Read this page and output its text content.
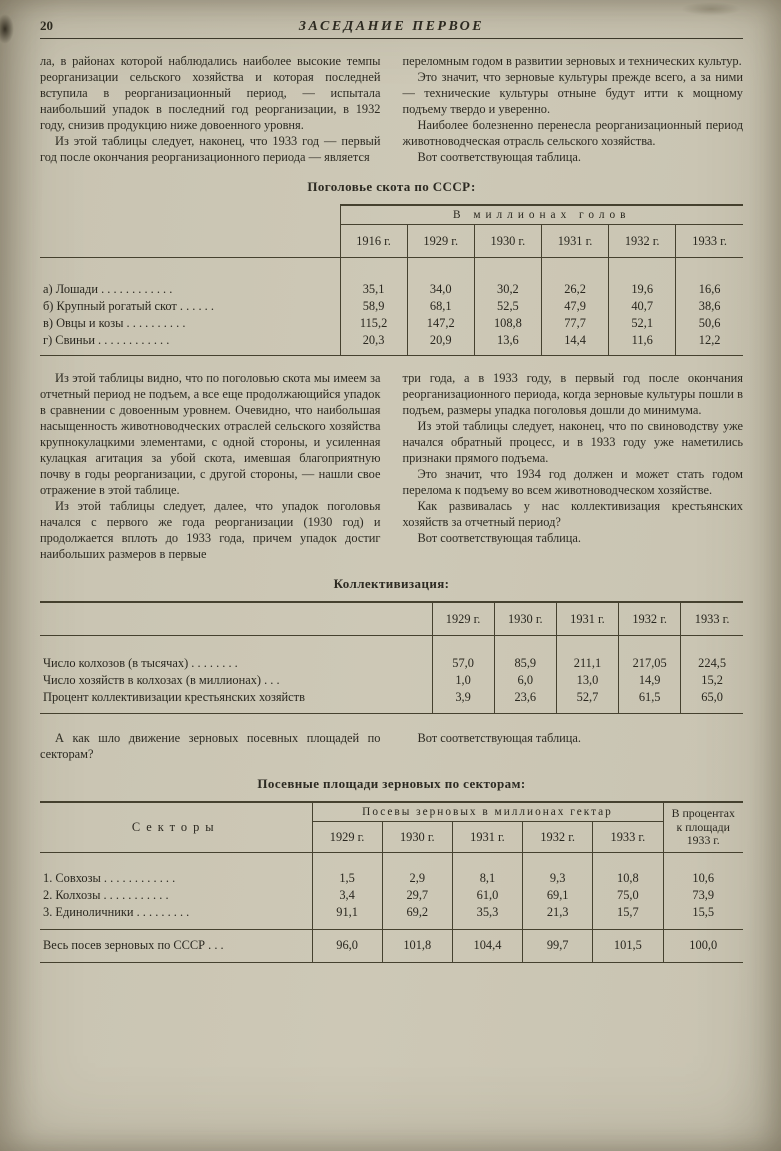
20	ЗАСЕДАНИЕ ПЕРВОЕ

ла, в районах которой наблюдались наиболее высокие темпы реорганизации сельского хозяйства и которая последней вступила в реорганизационный период, — испытала наибольший упадок в последний год реорганизации, в 1932 году, снизив продукцию ниже довоенного уровня.

Из этой таблицы следует, наконец, что 1933 год — первый год после окончания реорганизационного периода — является

переломным годом в развитии зерновых и технических культур.

Это значит, что зерновые культуры прежде всего, а за ними — технические культуры отныне будут итти к мощному подъему твердо и уверенно.

Наиболее болезненно перенесла реорганизационный период животноводческая отрасль сельского хозяйства.

Вот соответствующая таблица.

Поголовье скота по СССР:
	В миллионах голов					
	1916 г.	1929 г.	1930 г.	1931 г.	1932 г.	1933 г.
а) Лошади . . . . . . . . . . . .	35,1	34,0	30,2	26,2	19,6	16,6
б) Крупный рогатый скот . . . . . .	58,9	68,1	52,5	47,9	40,7	38,6
в) Овцы и козы . . . . . . . . . .	115,2	147,2	108,8	77,7	52,1	50,6
г) Свиньи . . . . . . . . . . . .	20,3	20,9	13,6	14,4	11,6	12,2

Из этой таблицы видно, что по поголовью скота мы имеем за отчетный период не подъем, а все еще продолжающийся упадок в сравнении с довоенным уровнем. Очевидно, что наибольшая насыщенность животноводческих отраслей сельского хозяйства крупнокулацкими элементами, с одной стороны, и усиленная кулацкая агитация за убой скота, имевшая благоприятную почву в годы реорганизации, с другой стороны, — нашли свое отражение в этой таблице.

Из этой таблицы следует, далее, что упадок поголовья начался с первого же года реорганизации (1930 год) и продолжается вплоть до 1933 года, причем упадок достиг наибольших размеров в первые

три года, а в 1933 году, в первый год после окончания реорганизационного периода, когда зерновые культуры пошли в подъем, размеры упадка поголовья дошли до минимума.

Из этой таблицы следует, наконец, что по свиноводству уже начался обратный процесс, и в 1933 году уже наметились признаки прямого подъема.

Это значит, что 1934 год должен и может стать годом перелома к подъему во всем животноводческом хозяйстве.

Как развивалась у нас коллективизация крестьянских хозяйств за отчетный период?

Вот соответствующая таблица.

Коллективизация:
	1929 г.	1930 г.	1931 г.	1932 г.	1933 г.
Число колхозов (в тысячах) . . . . . . . .	57,0	85,9	211,1	217,05	224,5
Число хозяйств в колхозах (в миллионах) . . .	1,0	6,0	13,0	14,9	15,2
Процент коллективизации крестьянских хозяйств	3,9	23,6	52,7	61,5	65,0

А как шло движение зерновых посевных площадей по секторам?

Вот соответствующая таблица.

Посевные площади зерновых по секторам:
Секторы	Посевы зерновых в миллионах гектар					В процентах к площади 1933 г.
	1929 г.	1930 г.	1931 г.	1932 г.	1933 г.	
1. Совхозы . . . . . . . . . . . .	1,5	2,9	8,1	9,3	10,8	10,6
2. Колхозы . . . . . . . . . . .	3,4	29,7	61,0	69,1	75,0	73,9
3. Единоличники . . . . . . . . .	91,1	69,2	35,3	21,3	15,7	15,5
Весь посев зерновых по СССР . . .	96,0	101,8	104,4	99,7	101,5	100,0
